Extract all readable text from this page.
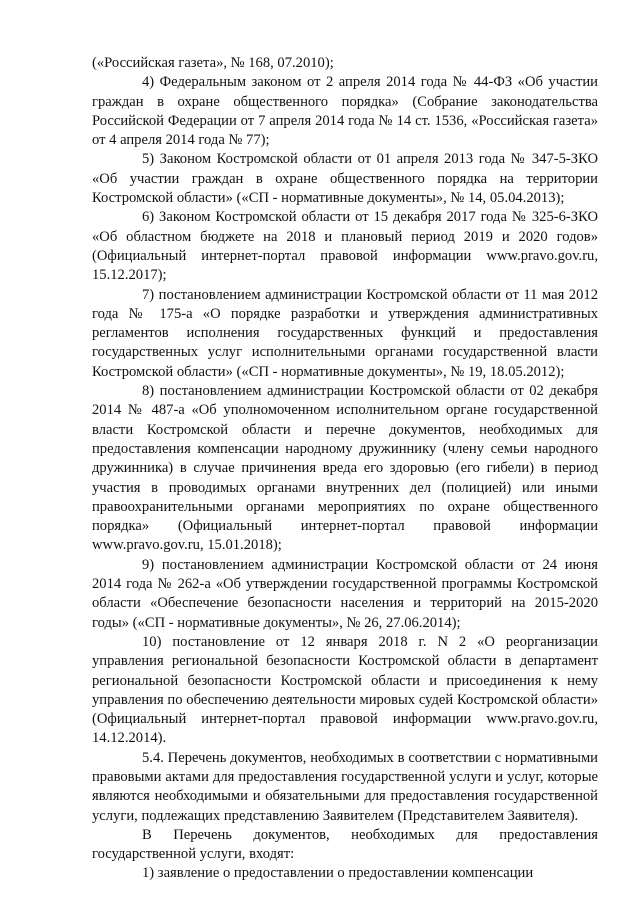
(«Российская газета», № 168, 07.2010);

4) Федеральным законом от 2 апреля 2014 года № 44-ФЗ «Об участии граждан в охране общественного порядка» (Собрание законодательства Российской Федерации от 7 апреля 2014 года № 14 ст. 1536, «Российская газета» от 4 апреля 2014 года № 77);

5) Законом Костромской области от 01 апреля 2013 года № 347-5-ЗКО «Об участии граждан в охране общественного порядка на территории Костромской области» («СП - нормативные документы», № 14, 05.04.2013);

6) Законом Костромской области от 15 декабря 2017 года № 325-6-ЗКО «Об областном бюджете на 2018 и плановый период 2019 и 2020 годов» (Официальный интернет-портал правовой информации www.pravo.gov.ru, 15.12.2017);

7) постановлением администрации Костромской области от 11 мая 2012 года № 175-а «О порядке разработки и утверждения административных регламентов исполнения государственных функций и предоставления государственных услуг исполнительными органами государственной власти Костромской области» («СП - нормативные документы», № 19, 18.05.2012);

8) постановлением администрации Костромской области от 02 декабря 2014 № 487-а «Об уполномоченном исполнительном органе государственной власти Костромской области и перечне документов, необходимых для предоставления компенсации народному дружиннику (члену семьи народного дружинника) в случае причинения вреда его здоровью (его гибели) в период участия в проводимых органами внутренних дел (полицией) или иными правоохранительными органами мероприятиях по охране общественного порядка» (Официальный интернет-портал правовой информации www.pravo.gov.ru, 15.01.2018);

9) постановлением администрации Костромской области от 24 июня 2014 года № 262-а «Об утверждении государственной программы Костромской области «Обеспечение безопасности населения и территорий на 2015-2020 годы» («СП - нормативные документы», № 26, 27.06.2014);

10) постановление от 12 января 2018 г. N 2 «О реорганизации управления региональной безопасности Костромской области в департамент региональной безопасности Костромской области и присоединения к нему управления по обеспечению деятельности мировых судей Костромской области» (Официальный интернет-портал правовой информации www.pravo.gov.ru, 14.12.2014).

5.4. Перечень документов, необходимых в соответствии с нормативными правовыми актами для предоставления государственной услуги и услуг, которые являются необходимыми и обязательными для предоставления государственной услуги, подлежащих представлению Заявителем (Представителем Заявителя).

В Перечень документов, необходимых для предоставления государственной услуги, входят:

1) заявление о предоставлении о предоставлении компенсации
